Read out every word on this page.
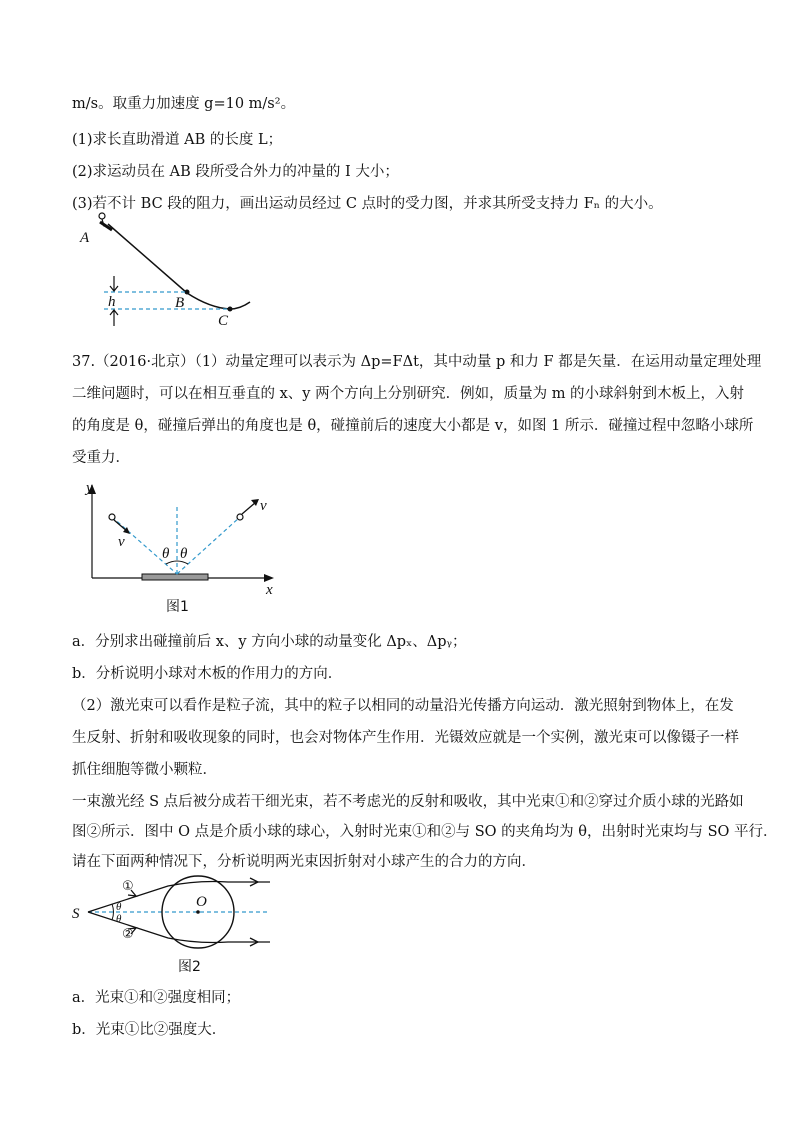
m/s。取重力加速度 g=10 m/s²。
(1)求长直助滑道 AB 的长度 L；
(2)求运动员在 AB 段所受合外力的冲量的 I 大小；
(3)若不计 BC 段的阻力，画出运动员经过 C 点时的受力图，并求其所受支持力 Fₙ 的大小。
A
B
C
h
37.（2016·北京）（1）动量定理可以表示为 Δp=FΔt，其中动量 p 和力 F 都是矢量．在运用动量定理处理
二维问题时，可以在相互垂直的 x、y 两个方向上分别研究．例如，质量为 m 的小球斜射到木板上，入射
的角度是 θ，碰撞后弹出的角度也是 θ，碰撞前后的速度大小都是 v，如图 1 所示．碰撞过程中忽略小球所
受重力．
y
x
v
v
θ θ
图1
a．分别求出碰撞前后 x、y 方向小球的动量变化 Δpₓ、Δpᵧ；
b．分析说明小球对木板的作用力的方向．
（2）激光束可以看作是粒子流，其中的粒子以相同的动量沿光传播方向运动．激光照射到物体上，在发
生反射、折射和吸收现象的同时，也会对物体产生作用．光镊效应就是一个实例，激光束可以像镊子一样
抓住细胞等微小颗粒．
一束激光经 S 点后被分成若干细光束，若不考虑光的反射和吸收，其中光束①和②穿过介质小球的光路如
图②所示．图中 O 点是介质小球的球心，入射时光束①和②与 SO 的夹角均为 θ，出射时光束均与 SO 平行．
请在下面两种情况下，分析说明两光束因折射对小球产生的合力的方向．
S
O
①
②
θ
θ
图2
a．光束①和②强度相同；
b．光束①比②强度大．
